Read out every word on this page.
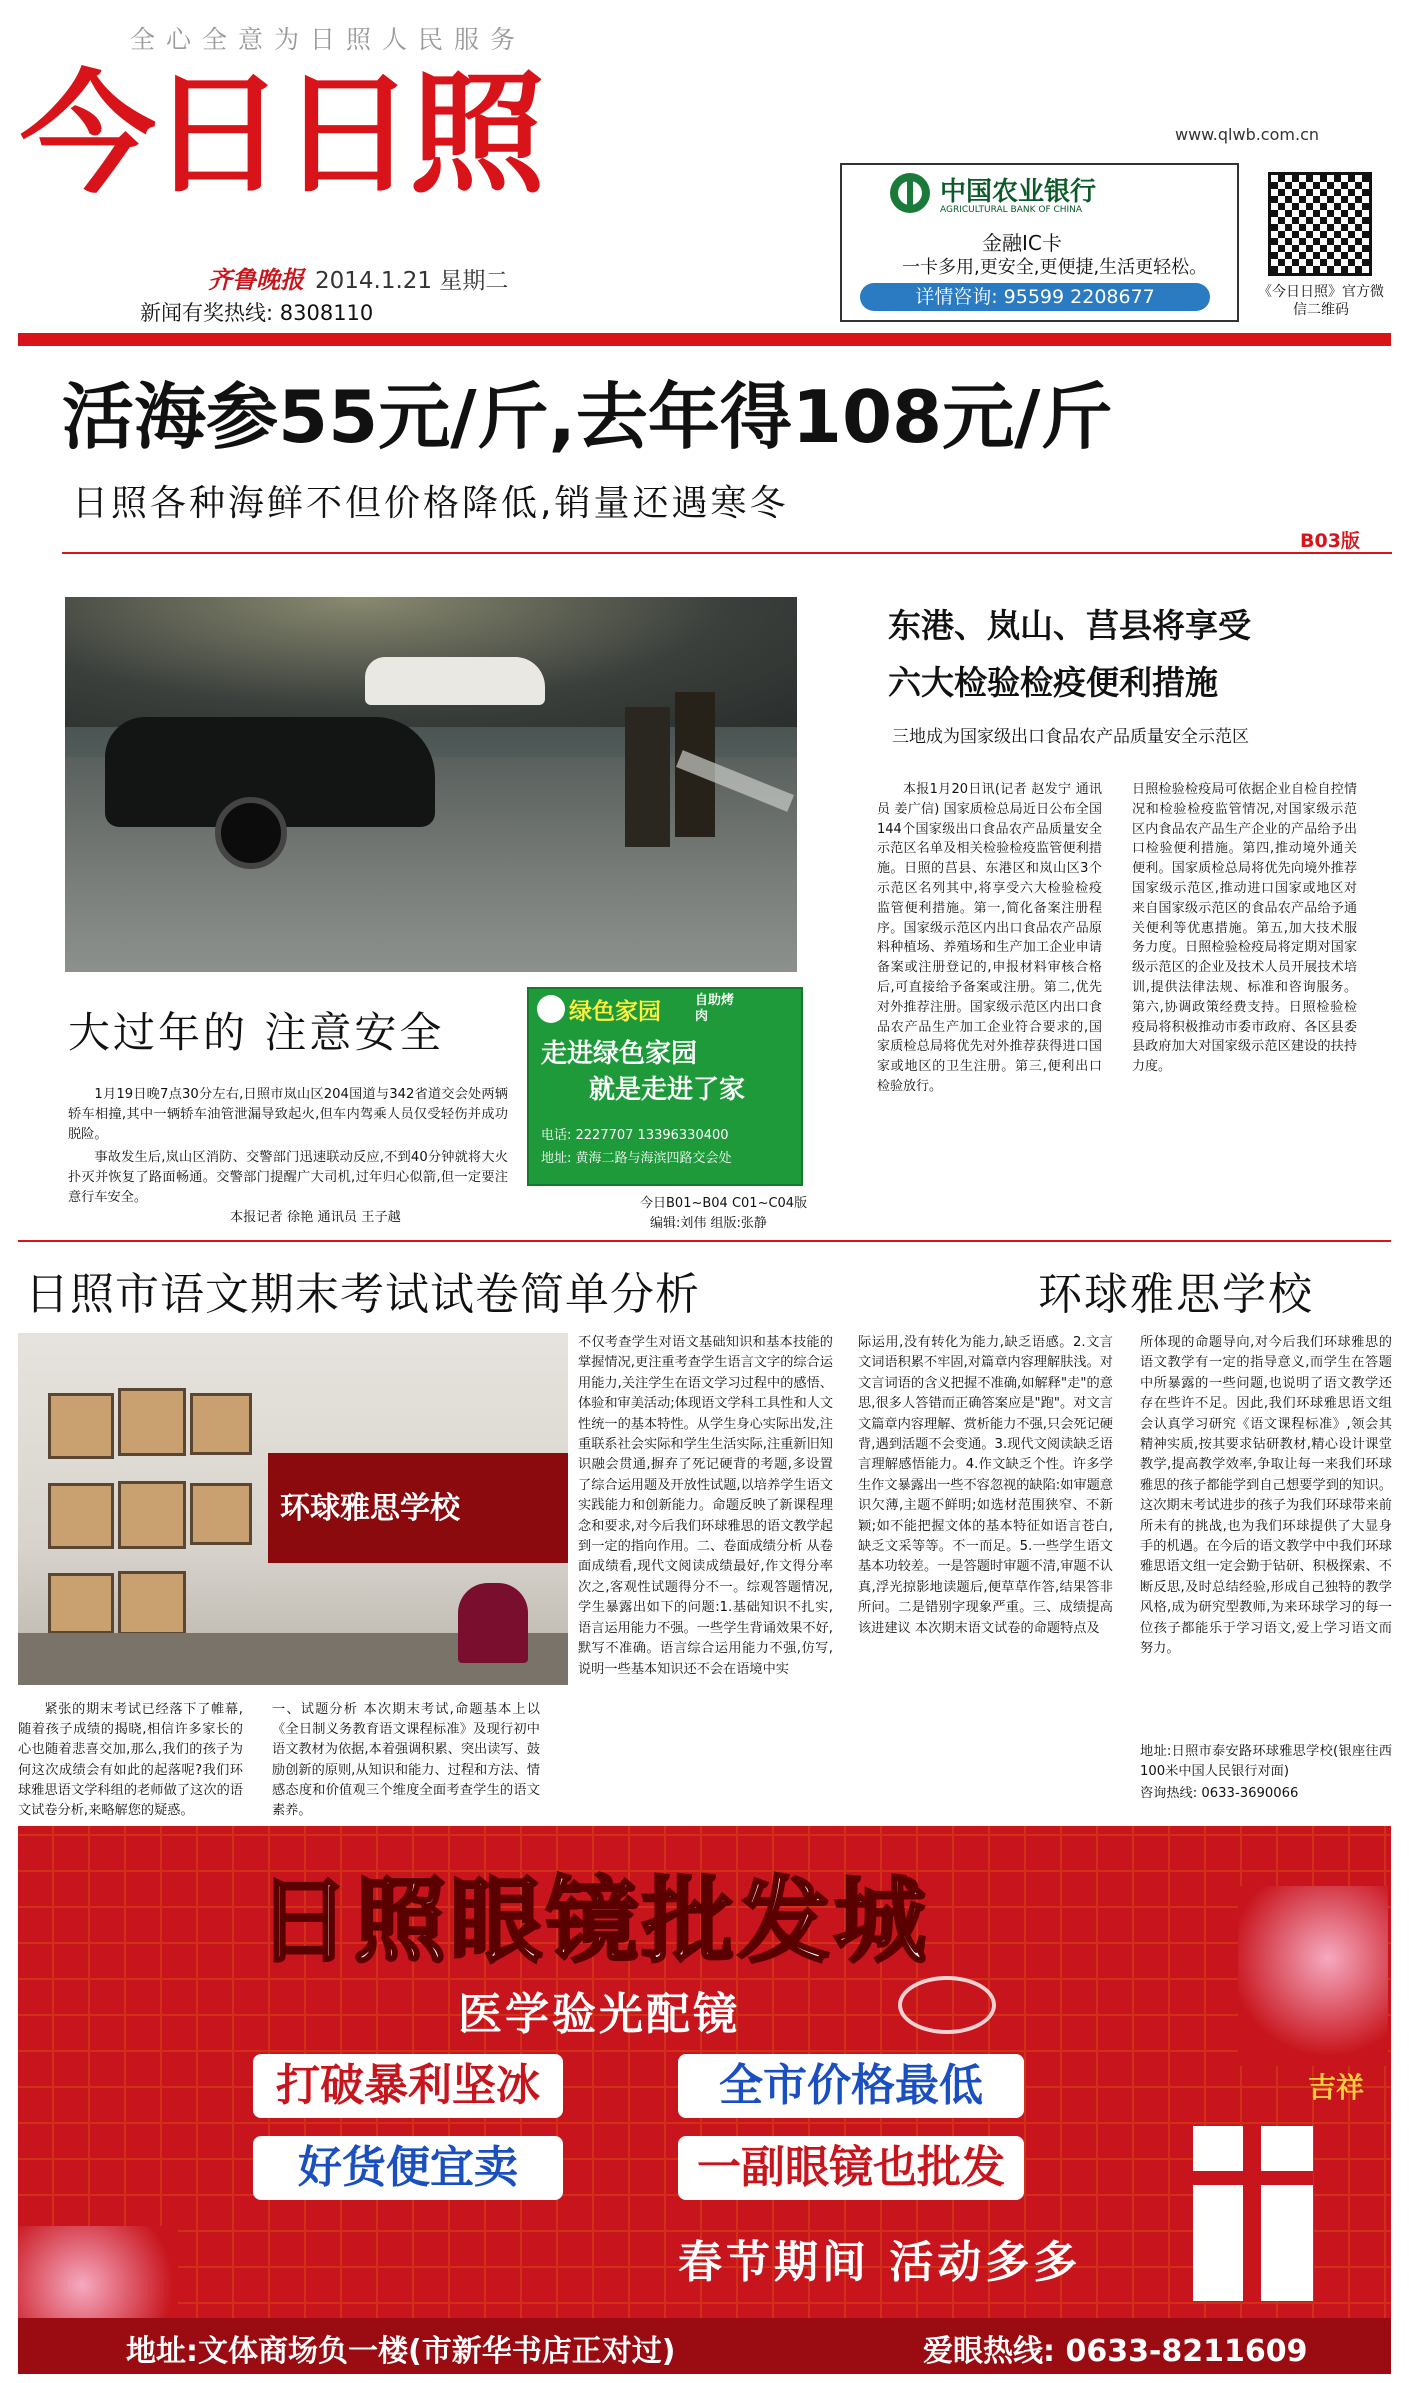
全心全意为日照人民服务
今日日照
齐鲁晚报 2014.1.21 星期二
新闻有奖热线: 8308110
www.qlwb.com.cn
中国农业银行
AGRICULTURAL BANK OF CHINA
金融IC卡
一卡多用,更安全,更便捷,生活更轻松。
详情咨询: 95599 2208677	《今日日照》官方微信二维码
活海参55元/斤,去年得108元/斤
日照各种海鲜不但价格降低,销量还遇寒冬
B03版
大过年的 注意安全
1月19日晚7点30分左右,日照市岚山区204国道与342省道交会处两辆轿车相撞,其中一辆轿车油管泄漏导致起火,但车内驾乘人员仅受轻伤并成功脱险。
事故发生后,岚山区消防、交警部门迅速联动反应,不到40分钟就将大火扑灭并恢复了路面畅通。交警部门提醒广大司机,过年归心似箭,但一定要注意行车安全。
本报记者 徐艳 通讯员 王子越
绿色家园	自助烤肉
走进绿色家园
就是走进了家
电话: 2227707 13396330400
地址: 黄海二路与海滨四路交会处
今日B01~B04 C01~C04版
编辑:刘伟 组版:张静
东港、岚山、莒县将享受
六大检验检疫便利措施
三地成为国家级出口食品农产品质量安全示范区
本报1月20日讯(记者 赵发宁 通讯员 姜广信) 国家质检总局近日公布全国144个国家级出口食品农产品质量安全示范区名单及相关检验检疫监管便利措施。日照的莒县、东港区和岚山区3个示范区名列其中,将享受六大检验检疫监管便利措施。第一,简化备案注册程序。国家级示范区内出口食品农产品原料种植场、养殖场和生产加工企业申请备案或注册登记的,申报材料审核合格后,可直接给予备案或注册。第二,优先对外推荐注册。国家级示范区内出口食品农产品生产加工企业符合要求的,国家质检总局将优先对外推荐获得进口国家或地区的卫生注册。第三,便利出口检验放行。
日照检验检疫局可依据企业自检自控情况和检验检疫监管情况,对国家级示范区内食品农产品生产企业的产品给予出口检验便利措施。第四,推动境外通关便利。国家质检总局将优先向境外推荐国家级示范区,推动进口国家或地区对来自国家级示范区的食品农产品给予通关便利等优惠措施。第五,加大技术服务力度。日照检验检疫局将定期对国家级示范区的企业及技术人员开展技术培训,提供法律法规、标准和咨询服务。第六,协调政策经费支持。日照检验检疫局将积极推动市委市政府、各区县委县政府加大对国家级示范区建设的扶持力度。
日照市语文期末考试试卷简单分析	环球雅思学校
环球雅思学校
紧张的期末考试已经落下了帷幕,随着孩子成绩的揭晓,相信许多家长的心也随着悲喜交加,那么,我们的孩子为何这次成绩会有如此的起落呢?我们环球雅思语文学科组的老师做了这次的语文试卷分析,来略解您的疑惑。
一、试题分析 本次期末考试,命题基本上以《全日制义务教育语文课程标准》及现行初中语文教材为依据,本着强调积累、突出读写、鼓励创新的原则,从知识和能力、过程和方法、情感态度和价值观三个维度全面考查学生的语文素养。
不仅考查学生对语文基础知识和基本技能的掌握情况,更注重考查学生语言文字的综合运用能力,关注学生在语文学习过程中的感悟、体验和审美活动;体现语文学科工具性和人文性统一的基本特性。从学生身心实际出发,注重联系社会实际和学生生活实际,注重新旧知识融会贯通,摒弃了死记硬背的考题,多设置了综合运用题及开放性试题,以培养学生语文实践能力和创新能力。命题反映了新课程理念和要求,对今后我们环球雅思的语文教学起到一定的指向作用。二、卷面成绩分析 从卷面成绩看,现代文阅读成绩最好,作文得分率次之,客观性试题得分不一。综观答题情况,学生暴露出如下的问题:1.基础知识不扎实,语言运用能力不强。一些学生背诵效果不好,默写不准确。语言综合运用能力不强,仿写,说明一些基本知识还不会在语境中实
际运用,没有转化为能力,缺乏语感。2.文言文词语积累不牢固,对篇章内容理解肤浅。对文言词语的含义把握不准确,如解释"走"的意思,很多人答错而正确答案应是"跑"。对文言文篇章内容理解、赏析能力不强,只会死记硬背,遇到活题不会变通。3.现代文阅读缺乏语言理解感悟能力。4.作文缺乏个性。许多学生作文暴露出一些不容忽视的缺陷:如审题意识欠薄,主题不鲜明;如选材范围狭窄、不新颖;如不能把握文体的基本特征如语言苍白,缺乏文采等等。不一而足。5.一些学生语文基本功较差。一是答题时审题不清,审题不认真,浮光掠影地读题后,便草草作答,结果答非所问。二是错别字现象严重。三、成绩提高该进建议 本次期末语文试卷的命题特点及
所体现的命题导向,对今后我们环球雅思的语文教学有一定的指导意义,而学生在答题中所暴露的一些问题,也说明了语文教学还存在些许不足。因此,我们环球雅思语文组会认真学习研究《语文课程标准》,领会其精神实质,按其要求钻研教材,精心设计课堂教学,提高教学效率,争取让每一来我们环球雅思的孩子都能学到自己想要学到的知识。这次期末考试进步的孩子为我们环球带来前所未有的挑战,也为我们环球提供了大显身手的机遇。在今后的语文教学中中我们环球雅思语文组一定会勤于钻研、积极探索、不断反思,及时总结经验,形成自己独特的教学风格,成为研究型教师,为来环球学习的每一位孩子都能乐于学习语文,爱上学习语文而努力。
地址:日照市泰安路环球雅思学校(银座往西100米中国人民银行对面)
咨询热线: 0633-3690066
日照眼镜批发城
医学验光配镜
打破暴利坚冰	全市价格最低
好货便宜卖	一副眼镜也批发
春节期间 活动多多
吉祥
地址:文体商场负一楼(市新华书店正对过)	爱眼热线: 0633-8211609
